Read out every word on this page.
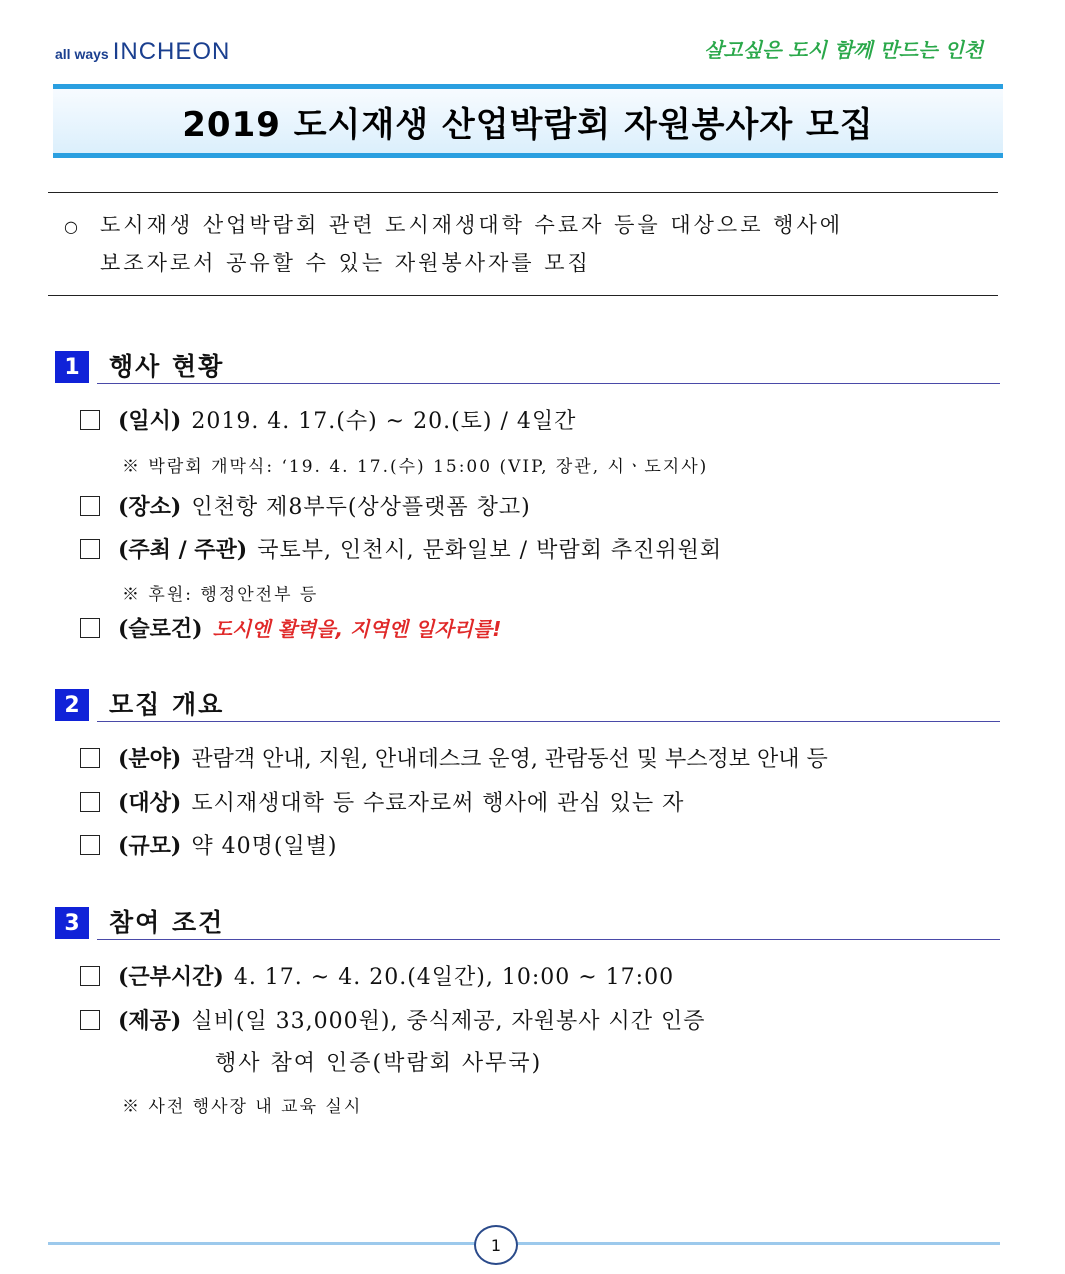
all ways INCHEON	살고싶은 도시 함께 만드는 인천
2019 도시재생 산업박람회 자원봉사자 모집
○ 도시재생 산업박람회 관련 도시재생대학 수료자 등을 대상으로 행사에
보조자로서 공유할 수 있는 자원봉사자를 모집
1	행사 현황
(일시) 2019. 4. 17.(수) ~ 20.(토) / 4일간
※ 박람회 개막식: ‘19. 4. 17.(수) 15:00 (VIP, 장관, 시ㆍ도지사)
(장소) 인천항 제8부두(상상플랫폼 창고)
(주최 / 주관) 국토부, 인천시, 문화일보 / 박람회 추진위원회
※ 후원: 행정안전부 등
(슬로건) 도시엔 활력을, 지역엔 일자리를!
2	모집 개요
(분야) 관람객 안내, 지원, 안내데스크 운영, 관람동선 및 부스정보 안내 등
(대상) 도시재생대학 등 수료자로써 행사에 관심 있는 자
(규모) 약 40명(일별)
3	참여 조건
(근부시간) 4. 17. ~ 4. 20.(4일간), 10:00 ~ 17:00
(제공) 실비(일 33,000원), 중식제공, 자원봉사 시간 인증
행사 참여 인증(박람회 사무국)
※ 사전 행사장 내 교육 실시
1
